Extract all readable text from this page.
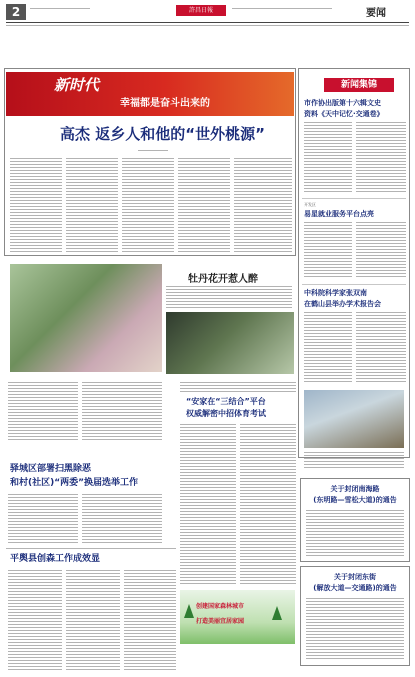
2	許昌日報	要闻
新时代
幸福都是奋斗出来的
高杰 返乡人和他的“世外桃源”
牡丹花开惹人醉
新闻集锦
市作协出版第十六辑文史
资料《天中记忆·交通卷》
开发区
易星就业服务平台点亮
中科院科学家张双南
在鹤山县举办学术报告会
驿城区部署扫黑除恶
和村(社区)“两委”换届选举工作
平舆县创森工作成效显
“安家在“三结合”平台
权威解密中招体育考试
创建国家森林城市
打造美丽宜居家园
关于封闭南海路
(东明路—雪松大道)的通告
关于封闭东街
(解放大道—交通路)的通告
